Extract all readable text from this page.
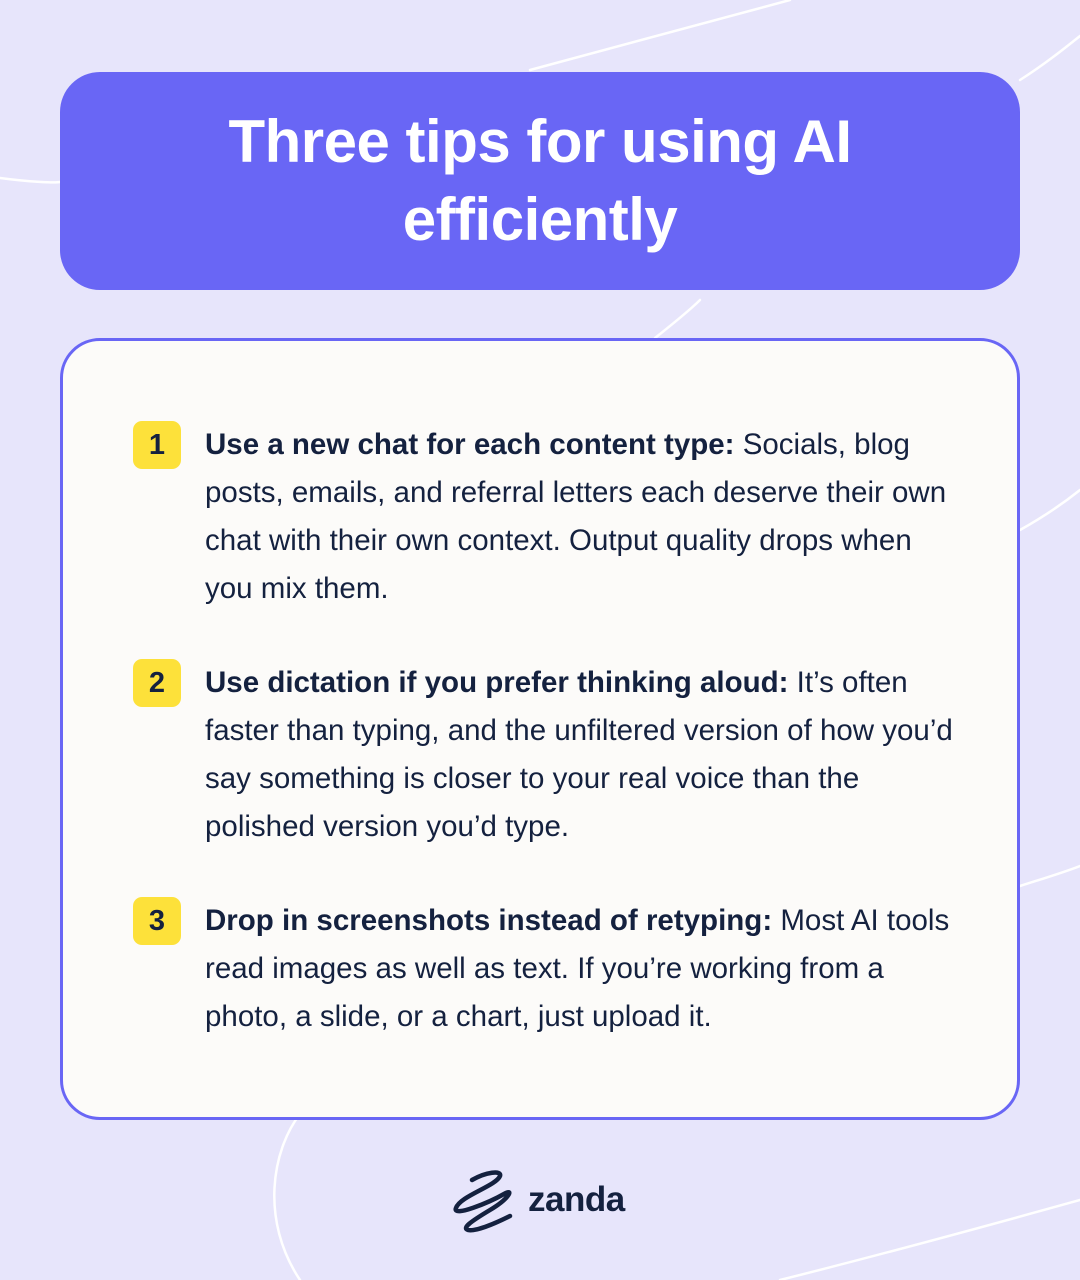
Three tips for using AI efficiently
1	Use a new chat for each content type: Socials, blog posts, emails, and referral letters each deserve their own chat with their own context. Output quality drops when you mix them.

2	Use dictation if you prefer thinking aloud: It’s often faster than typing, and the unfiltered version of how you’d say something is closer to your real voice than the polished version you’d type.

3	Drop in screenshots instead of retyping: Most AI tools read images as well as text. If you’re working from a photo, a slide, or a chart, just upload it.

zanda
